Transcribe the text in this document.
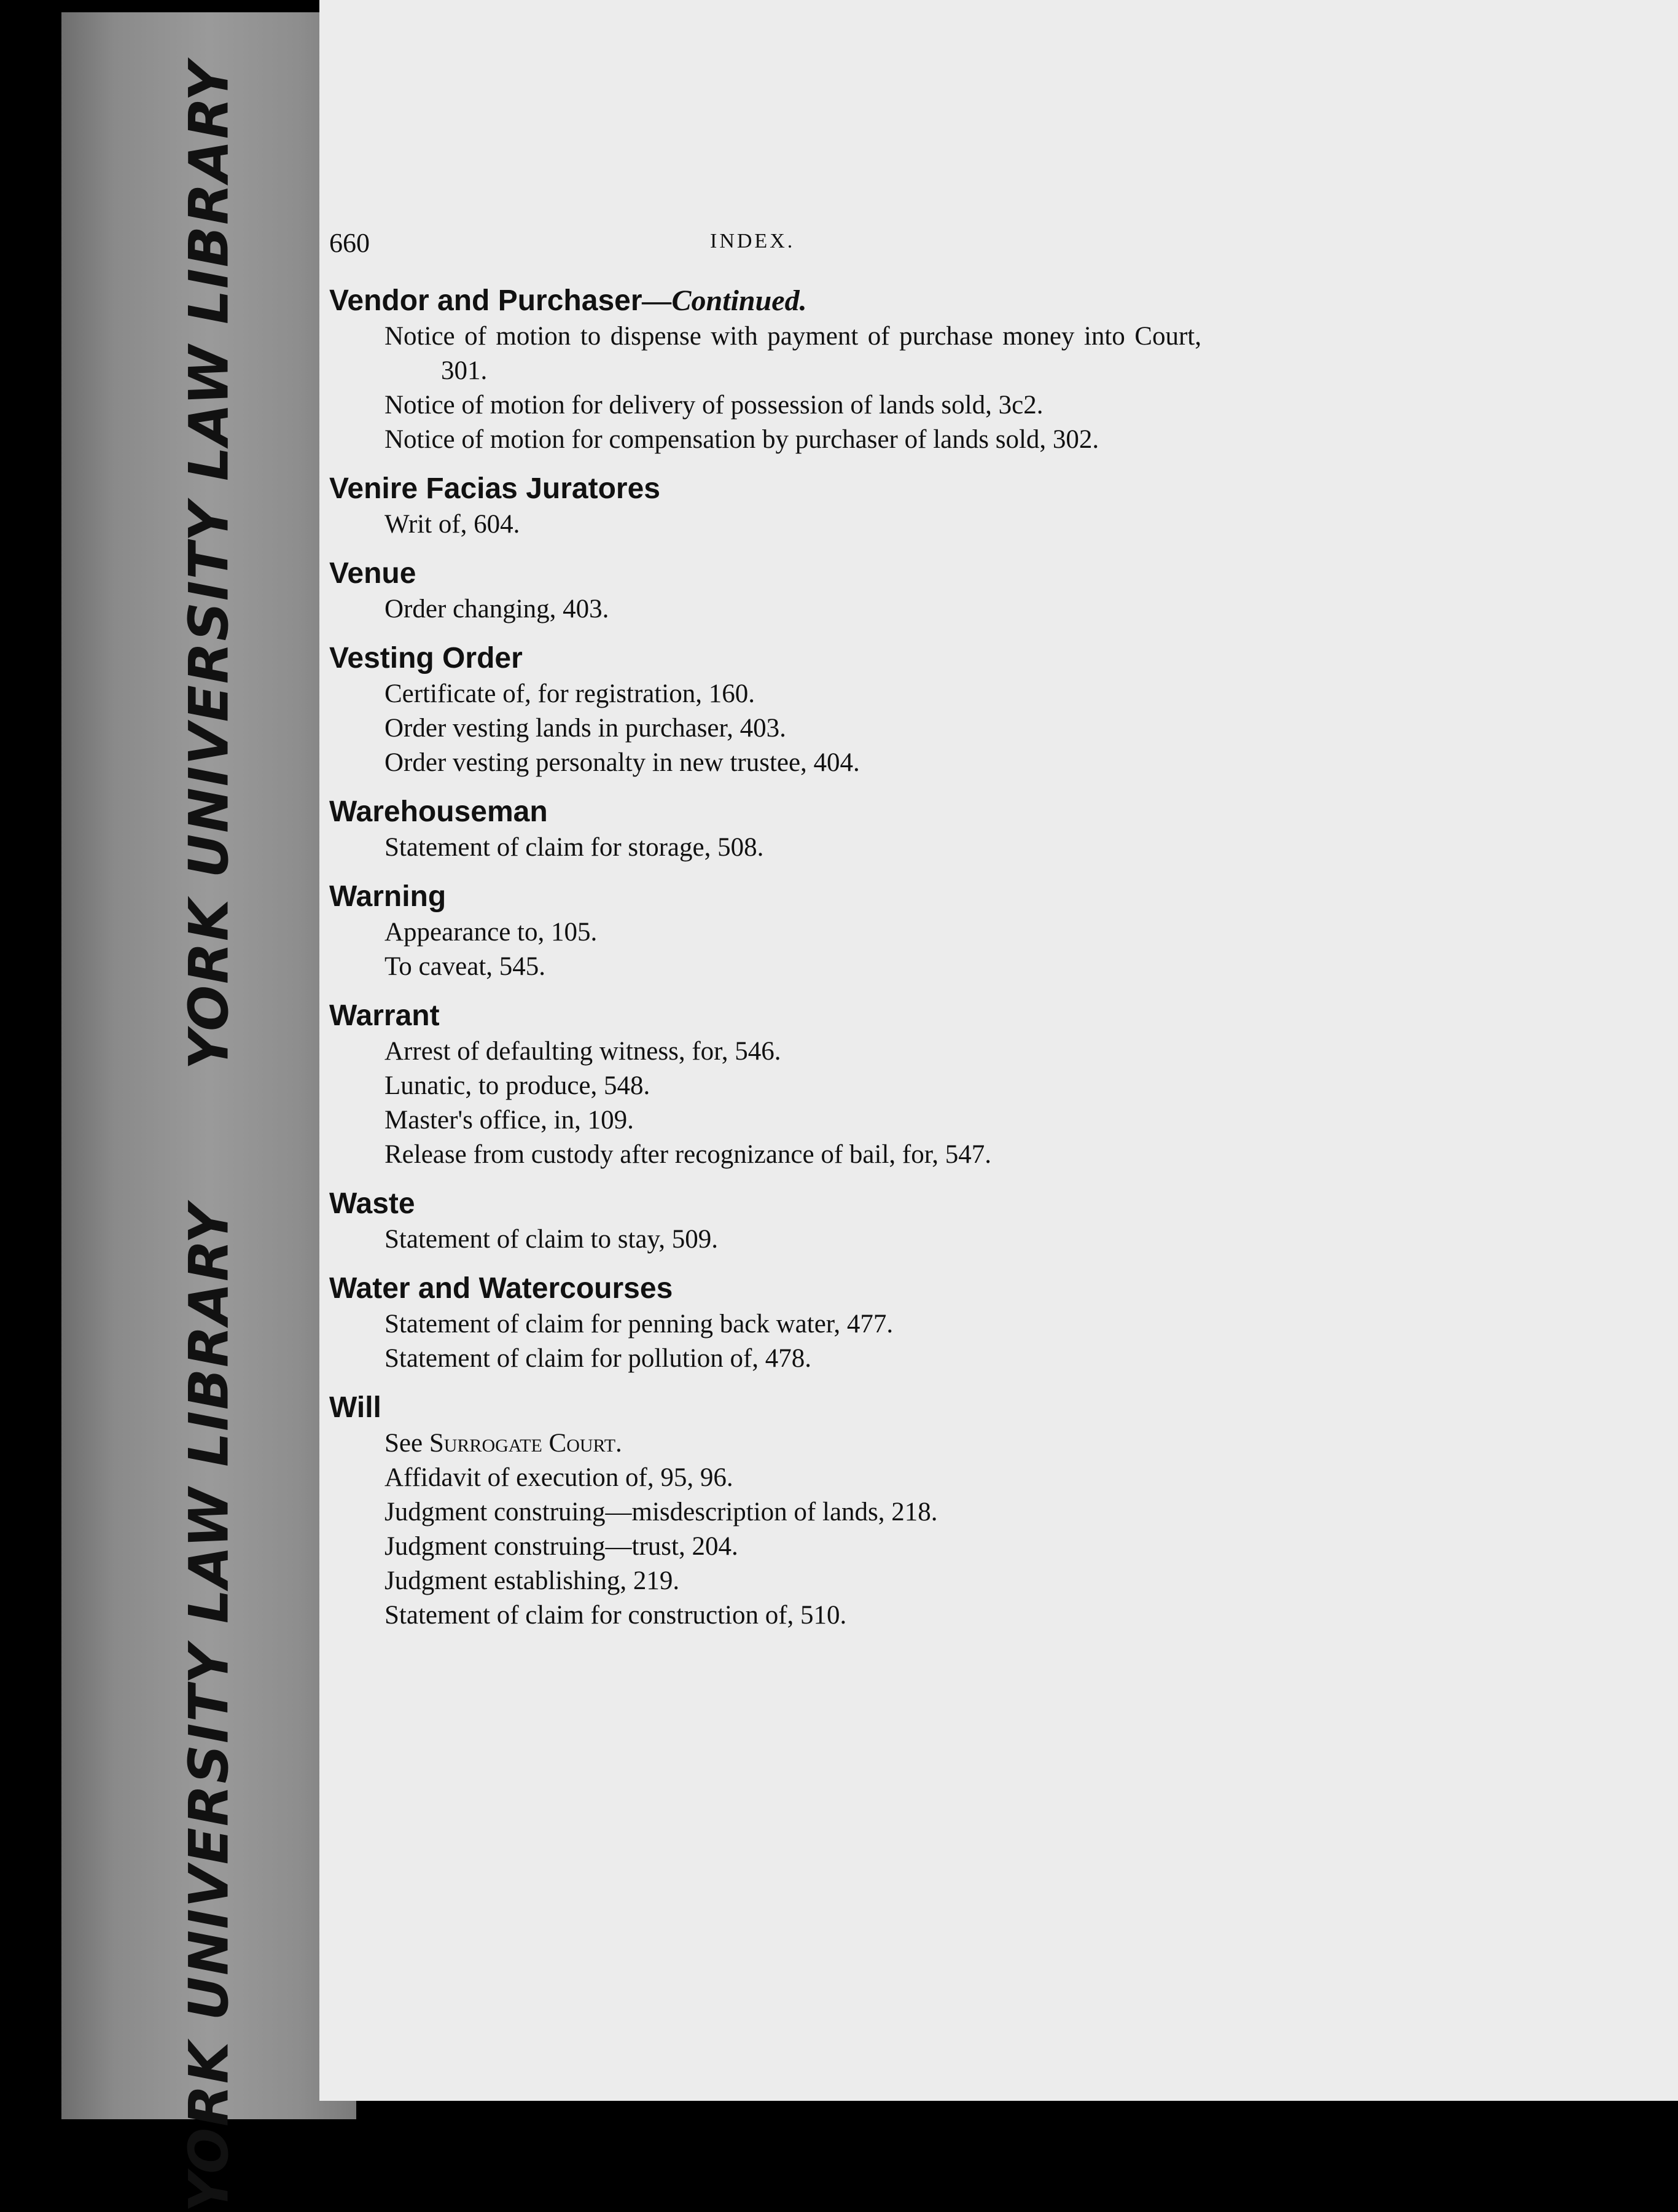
YORK UNIVERSITY LAW LIBRARY
YORK UNIVERSITY LAW LIBRARY
660	INDEX.
Vendor and Purchaser—Continued.
Notice of motion to dispense with payment of purchase money into Court, 301.
Notice of motion for delivery of possession of lands sold, 3c2.
Notice of motion for compensation by purchaser of lands sold, 302.
Venire Facias Juratores
Writ of, 604.
Venue
Order changing, 403.
Vesting Order
Certificate of, for registration, 160.
Order vesting lands in purchaser, 403.
Order vesting personalty in new trustee, 404.
Warehouseman
Statement of claim for storage, 508.
Warning
Appearance to, 105.
To caveat, 545.
Warrant
Arrest of defaulting witness, for, 546.
Lunatic, to produce, 548.
Master's office, in, 109.
Release from custody after recognizance of bail, for, 547.
Waste
Statement of claim to stay, 509.
Water and Watercourses
Statement of claim for penning back water, 477.
Statement of claim for pollution of, 478.
Will
See Surrogate Court.
Affidavit of execution of, 95, 96.
Judgment construing—misdescription of lands, 218.
Judgment construing—trust, 204.
Judgment establishing, 219.
Statement of claim for construction of, 510.
